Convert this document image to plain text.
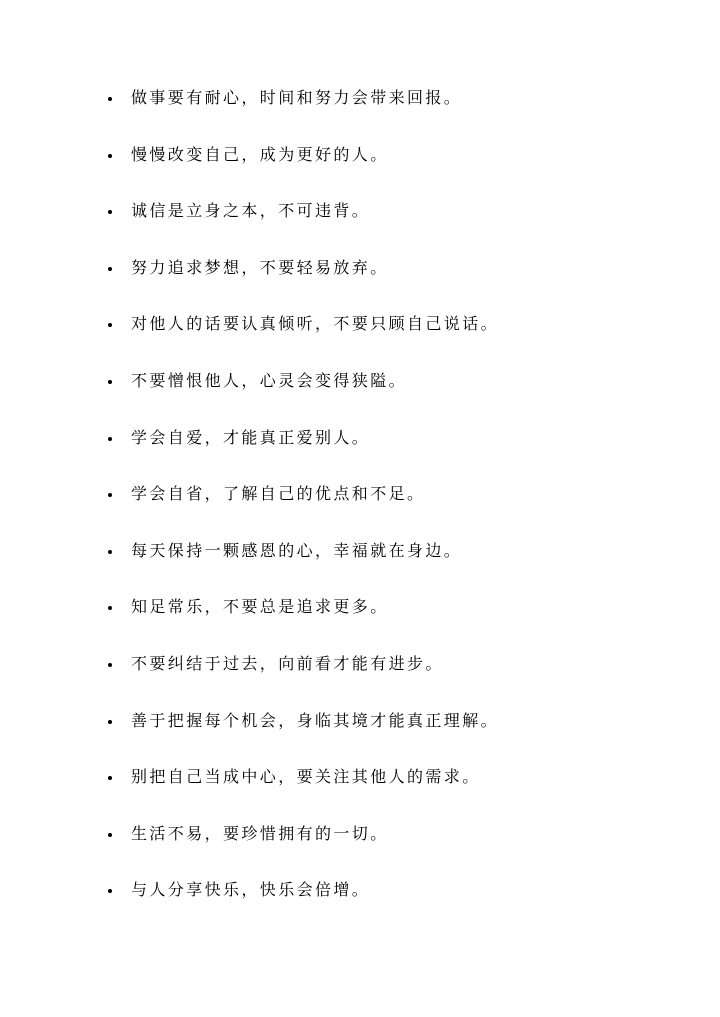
做事要有耐心，时间和努力会带来回报。
慢慢改变自己，成为更好的人。
诚信是立身之本，不可违背。
努力追求梦想，不要轻易放弃。
对他人的话要认真倾听，不要只顾自己说话。
不要憎恨他人，心灵会变得狭隘。
学会自爱，才能真正爱别人。
学会自省，了解自己的优点和不足。
每天保持一颗感恩的心，幸福就在身边。
知足常乐，不要总是追求更多。
不要纠结于过去，向前看才能有进步。
善于把握每个机会，身临其境才能真正理解。
别把自己当成中心，要关注其他人的需求。
生活不易，要珍惜拥有的一切。
与人分享快乐，快乐会倍增。
